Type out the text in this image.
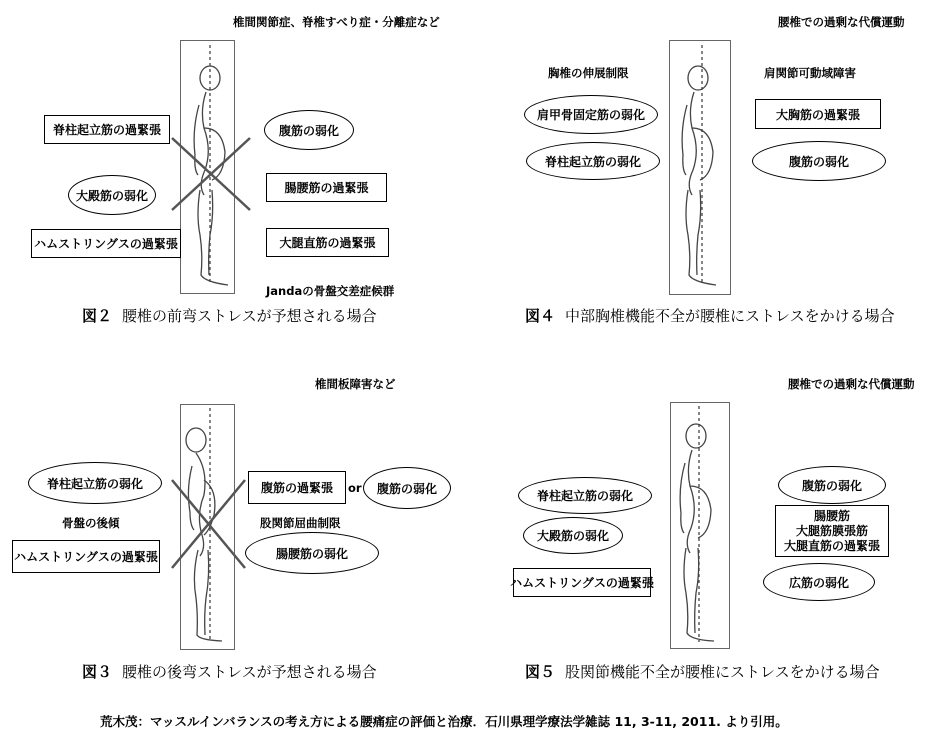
椎間関節症、脊椎すべり症・分離症など
脊柱起立筋の過緊張
大殿筋の弱化
ハムストリングスの過緊張
腹筋の弱化
腸腰筋の過緊張
大腿直筋の過緊張
Jandaの骨盤交差症候群
図２ 腰椎の前弯ストレスが予想される場合
腰椎での過剰な代償運動
胸椎の伸展制限	肩関節可動域障害
肩甲骨固定筋の弱化
脊柱起立筋の弱化
大胸筋の過緊張
腹筋の弱化
図４ 中部胸椎機能不全が腰椎にストレスをかける場合
椎間板障害など
脊柱起立筋の弱化
骨盤の後傾
ハムストリングスの過緊張
腹筋の過緊張	or	腹筋の弱化
股関節屈曲制限
腸腰筋の弱化
図３ 腰椎の後弯ストレスが予想される場合
腰椎での過剰な代償運動
脊柱起立筋の弱化
大殿筋の弱化
ハムストリングスの過緊張
腹筋の弱化
腸腰筋
大腿筋膜張筋
大腿直筋の過緊張
広筋の弱化
図５ 股関節機能不全が腰椎にストレスをかける場合
荒木茂：マッスルインバランスの考え方による腰痛症の評価と治療．石川県理学療法学雑誌 11, 3-11, 2011. より引用。
